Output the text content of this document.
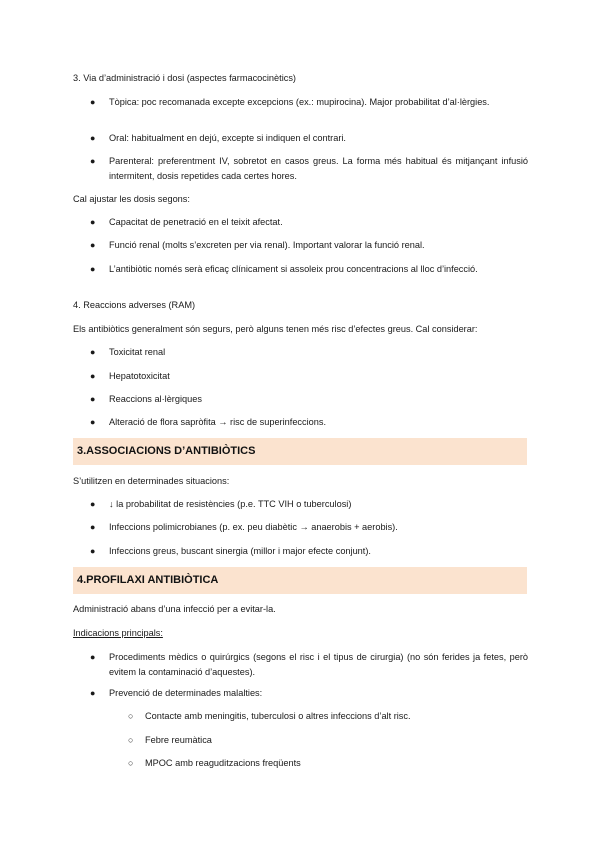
3. Via d’administració i dosi (aspectes farmacocinètics)

● Tòpica: poc recomanada excepte excepcions (ex.: mupirocina). Major probabilitat d’al·lèrgies.
● Oral: habitualment en dejú, excepte si indiquen el contrari.
● Parenteral: preferentment IV, sobretot en casos greus. La forma més habitual és mitjançant infusió intermitent, dosis repetides cada certes hores.

Cal ajustar les dosis segons:

● Capacitat de penetració en el teixit afectat.
● Funció renal (molts s’excreten per via renal). Important valorar la funció renal.
● L’antibiòtic només serà eficaç clínicament si assoleix prou concentracions al lloc d’infecció.

4. Reaccions adverses (RAM)

Els antibiòtics generalment són segurs, però alguns tenen més risc d’efectes greus. Cal considerar:

● Toxicitat renal
● Hepatotoxicitat
● Reaccions al·lèrgiques
● Alteració de flora sapròfita → risc de superinfeccions.
3.ASSOCIACIONS D’ANTIBIÒTICS

S’utilitzen en determinades situacions:

● ↓ la probabilitat de resistències (p.e. TTC VIH o tuberculosi)
● Infeccions polimicrobianes (p. ex. peu diabètic → anaerobis + aerobis).
● Infeccions greus, buscant sinergia (millor i major efecte conjunt).
4.PROFILAXI ANTIBIÒTICA

Administració abans d’una infecció per a evitar-la.

Indicacions principals:

● Procediments mèdics o quirúrgics (segons el risc i el tipus de cirurgia) (no són ferides ja fetes, però evitem la contaminació d’aquestes).
● Prevenció de determinades malalties:
○ Contacte amb meningitis, tuberculosi o altres infeccions d’alt risc.
○ Febre reumàtica
○ MPOC amb reaguditzacions freqüents
